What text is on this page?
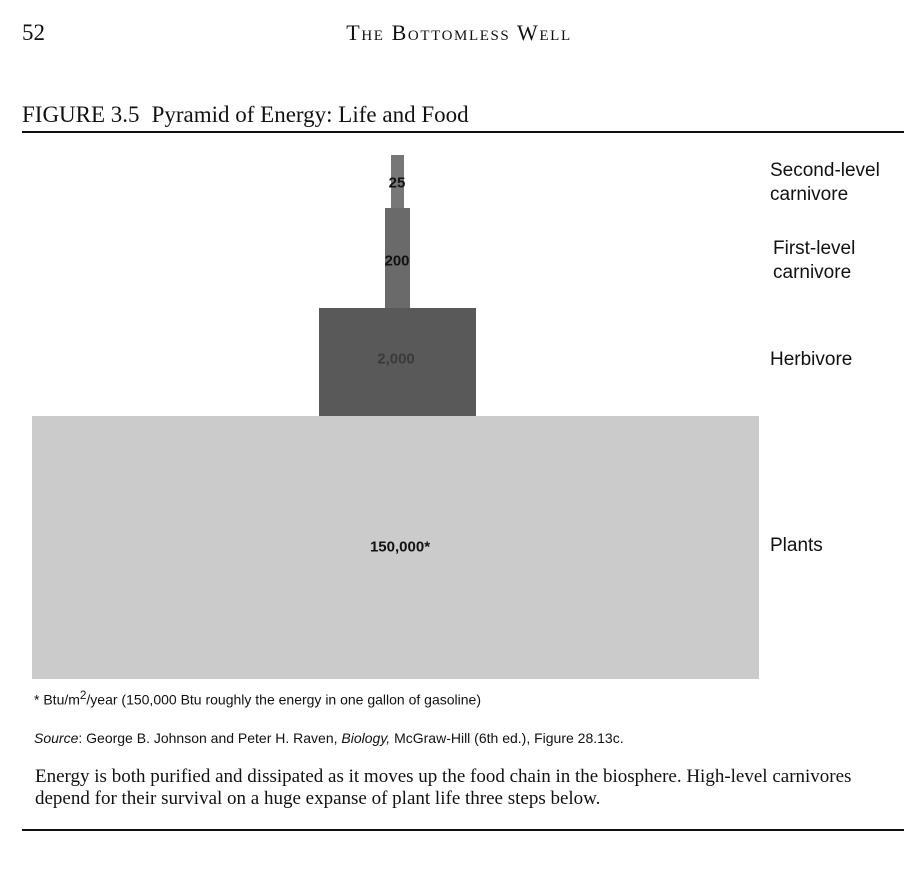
52	The Bottomless Well
FIGURE 3.5 Pyramid of Energy: Life and Food
25
200
2,000
150,000*
Second-level
carnivore
First-level
carnivore
Herbivore
Plants
* Btu/$m^2$/year (150,000 Btu roughly the energy in one gallon of gasoline)
Source: George B. Johnson and Peter H. Raven, Biology, McGraw-Hill (6th ed.), Figure 28.13c.
Energy is both purified and dissipated as it moves up the food chain in the biosphere. High-level carnivores depend for their survival on a huge expanse of plant life three steps below.
